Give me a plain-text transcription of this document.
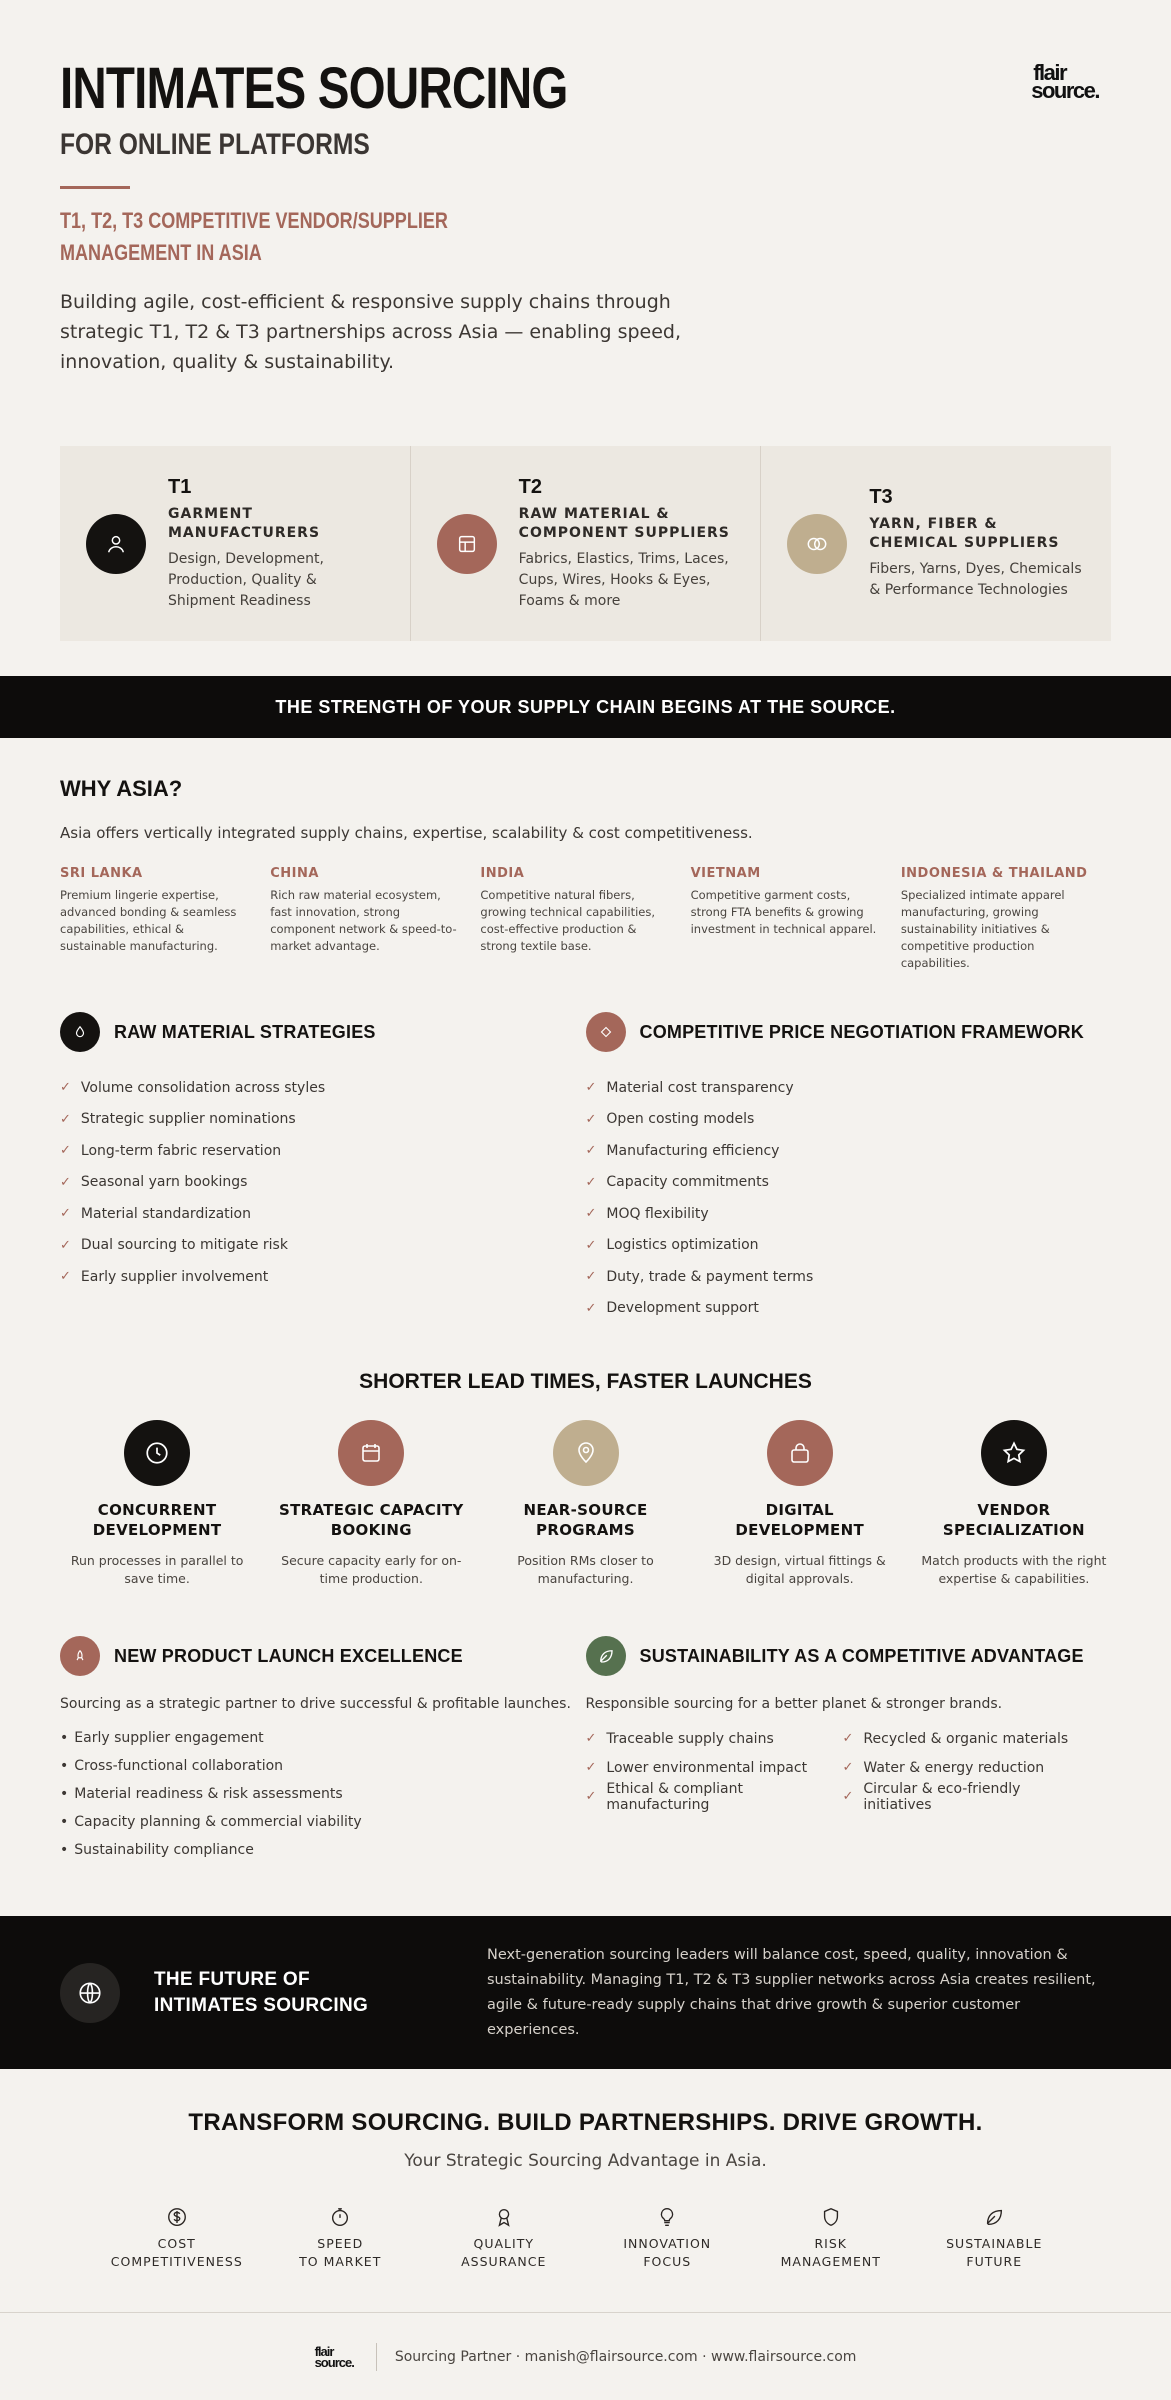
INTIMATES SOURCING
FOR ONLINE PLATFORMS
T1, T2, T3 COMPETITIVE VENDOR/SUPPLIER
MANAGEMENT IN ASIA

Building agile, cost-efficient & responsive supply chains through strategic T1, T2 & T3 partnerships across Asia — enabling speed, innovation, quality & sustainability.

flair
source.
T1
GARMENT MANUFACTURERS
Design, Development, Production, Quality & Shipment Readiness
T2
RAW MATERIAL & COMPONENT SUPPLIERS
Fabrics, Elastics, Trims, Laces, Cups, Wires, Hooks & Eyes, Foams & more
T3
YARN, FIBER & CHEMICAL SUPPLIERS
Fibers, Yarns, Dyes, Chemicals & Performance Technologies
THE STRENGTH OF YOUR SUPPLY CHAIN BEGINS AT THE SOURCE.
WHY ASIA?

Asia offers vertically integrated supply chains, expertise, scalability & cost competitiveness.

SRI LANKA
Premium lingerie expertise, advanced bonding & seamless capabilities, ethical & sustainable manufacturing.
CHINA
Rich raw material ecosystem, fast innovation, strong component network & speed-to-market advantage.
INDIA
Competitive natural fibers, growing technical capabilities, cost-effective production & strong textile base.
VIETNAM
Competitive garment costs, strong FTA benefits & growing investment in technical apparel.
INDONESIA & THAILAND
Specialized intimate apparel manufacturing, growing sustainability initiatives & competitive production capabilities.
RAW MATERIAL STRATEGIES
✓ Volume consolidation across styles
✓ Strategic supplier nominations
✓ Long-term fabric reservation
✓ Seasonal yarn bookings
✓ Material standardization
✓ Dual sourcing to mitigate risk
✓ Early supplier involvement
COMPETITIVE PRICE NEGOTIATION FRAMEWORK
✓ Material cost transparency
✓ Open costing models
✓ Manufacturing efficiency
✓ Capacity commitments
✓ MOQ flexibility
✓ Logistics optimization
✓ Duty, trade & payment terms
✓ Development support
SHORTER LEAD TIMES, FASTER LAUNCHES
CONCURRENT
DEVELOPMENT
Run processes in parallel to save time.
STRATEGIC CAPACITY
BOOKING
Secure capacity early for on-time production.
NEAR-SOURCE
PROGRAMS
Position RMs closer to manufacturing.
DIGITAL
DEVELOPMENT
3D design, virtual fittings & digital approvals.
VENDOR
SPECIALIZATION
Match products with the right expertise & capabilities.
NEW PRODUCT LAUNCH EXCELLENCE

Sourcing as a strategic partner to drive successful & profitable launches.

• Early supplier engagement
• Cross-functional collaboration
• Material readiness & risk assessments
• Capacity planning & commercial viability
• Sustainability compliance
SUSTAINABILITY AS A COMPETITIVE ADVANTAGE

Responsible sourcing for a better planet & stronger brands.

✓ Traceable supply chains	✓ Recycled & organic materials
✓ Lower environmental impact	✓ Water & energy reduction
✓ Ethical & compliant manufacturing	✓ Circular & eco-friendly initiatives
THE FUTURE OF
INTIMATES SOURCING

Next-generation sourcing leaders will balance cost, speed, quality, innovation & sustainability. Managing T1, T2 & T3 supplier networks across Asia creates resilient, agile & future-ready supply chains that drive growth & superior customer experiences.

TRANSFORM SOURCING. BUILD PARTNERSHIPS. DRIVE GROWTH.

Your Strategic Sourcing Advantage in Asia.

COST
COMPETITIVENESS
SPEED
TO MARKET
QUALITY
ASSURANCE
INNOVATION
FOCUS
RISK
MANAGEMENT
SUSTAINABLE
FUTURE
flair
source.	Sourcing Partner · manish@flairsource.com · www.flairsource.com
